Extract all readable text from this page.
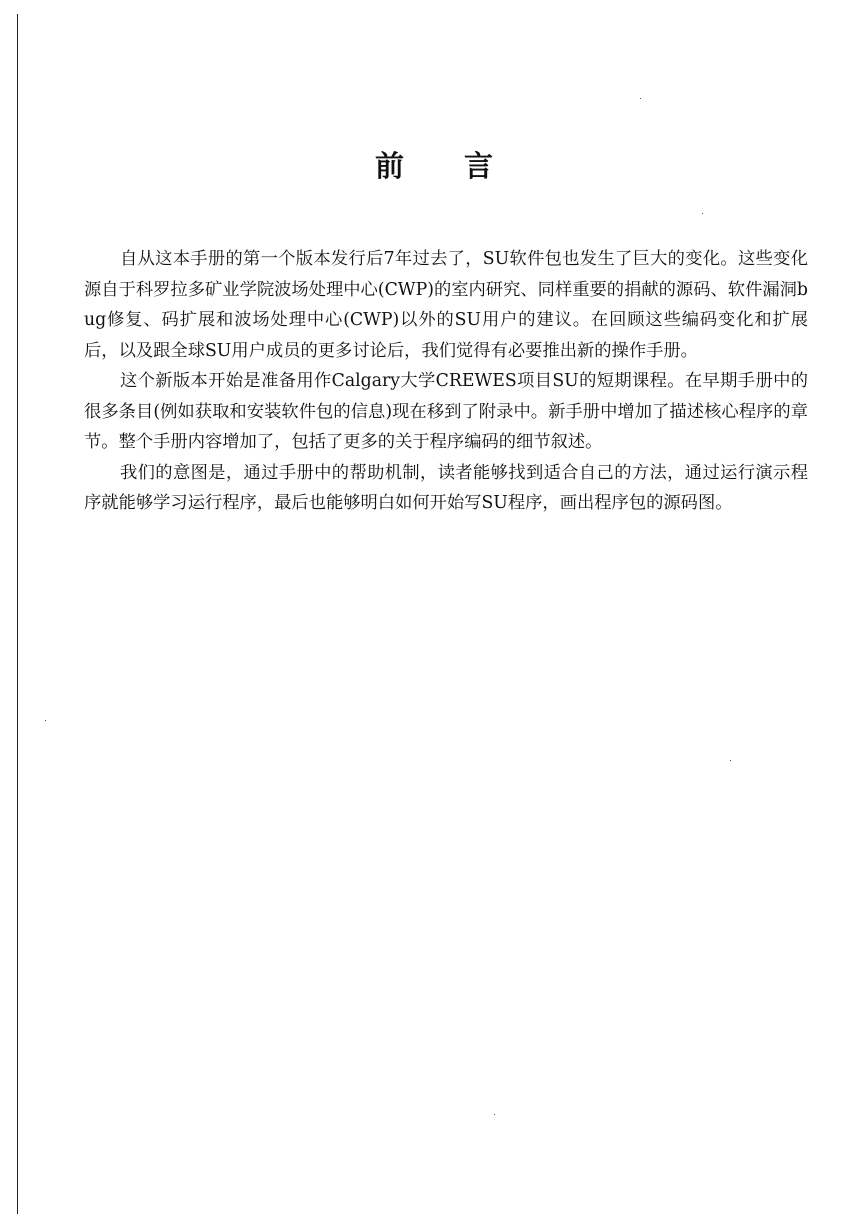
前 言

自从这本手册的第一个版本发行后7年过去了，SU软件包也发生了巨大的变化。这些变化源自于科罗拉多矿业学院波场处理中心(CWP)的室内研究、同样重要的捐献的源码、软件漏洞bug修复、码扩展和波场处理中心(CWP)以外的SU用户的建议。在回顾这些编码变化和扩展后，以及跟全球SU用户成员的更多讨论后，我们觉得有必要推出新的操作手册。

这个新版本开始是准备用作Calgary大学CREWES项目SU的短期课程。在早期手册中的很多条目(例如获取和安装软件包的信息)现在移到了附录中。新手册中增加了描述核心程序的章节。整个手册内容增加了，包括了更多的关于程序编码的细节叙述。

我们的意图是，通过手册中的帮助机制，读者能够找到适合自己的方法，通过运行演示程序就能够学习运行程序，最后也能够明白如何开始写SU程序，画出程序包的源码图。
